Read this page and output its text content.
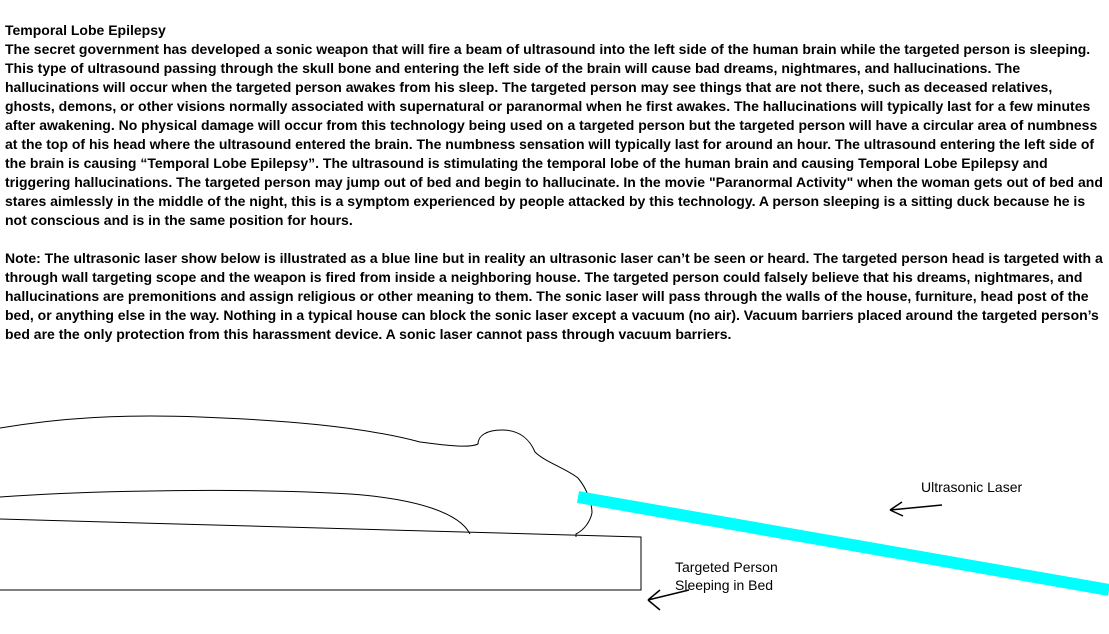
Temporal Lobe Epilepsy

The secret government has developed a sonic weapon that will fire a beam of ultrasound into the left side of the human brain while the targeted person is sleeping. This type of ultrasound passing through the skull bone and entering the left side of the brain will cause bad dreams, nightmares, and hallucinations. The hallucinations will occur when the targeted person awakes from his sleep. The targeted person may see things that are not there, such as deceased relatives, ghosts, demons, or other visions normally associated with supernatural or paranormal when he first awakes. The hallucinations will typically last for a few minutes after awakening. No physical damage will occur from this technology being used on a targeted person but the targeted person will have a circular area of numbness at the top of his head where the ultrasound entered the brain. The numbness sensation will typically last for around an hour. The ultrasound entering the left side of the brain is causing “Temporal Lobe Epilepsy”. The ultrasound is stimulating the temporal lobe of the human brain and causing Temporal Lobe Epilepsy and triggering hallucinations. The targeted person may jump out of bed and begin to hallucinate. In the movie "Paranormal Activity" when the woman gets out of bed and stares aimlessly in the middle of the night, this is a symptom experienced by people attacked by this technology. A person sleeping is a sitting duck because he is not conscious and is in the same position for hours.

Note: The ultrasonic laser show below is illustrated as a blue line but in reality an ultrasonic laser can’t be seen or heard. The targeted person head is targeted with a through wall targeting scope and the weapon is fired from inside a neighboring house. The targeted person could falsely believe that his dreams, nightmares, and hallucinations are premonitions and assign religious or other meaning to them. The sonic laser will pass through the walls of the house, furniture, head post of the bed, or anything else in the way. Nothing in a typical house can block the sonic laser except a vacuum (no air). Vacuum barriers placed around the targeted person’s bed are the only protection from this harassment device. A sonic laser cannot pass through vacuum barriers.

Ultrasonic Laser
Targeted Person
Sleeping in Bed
